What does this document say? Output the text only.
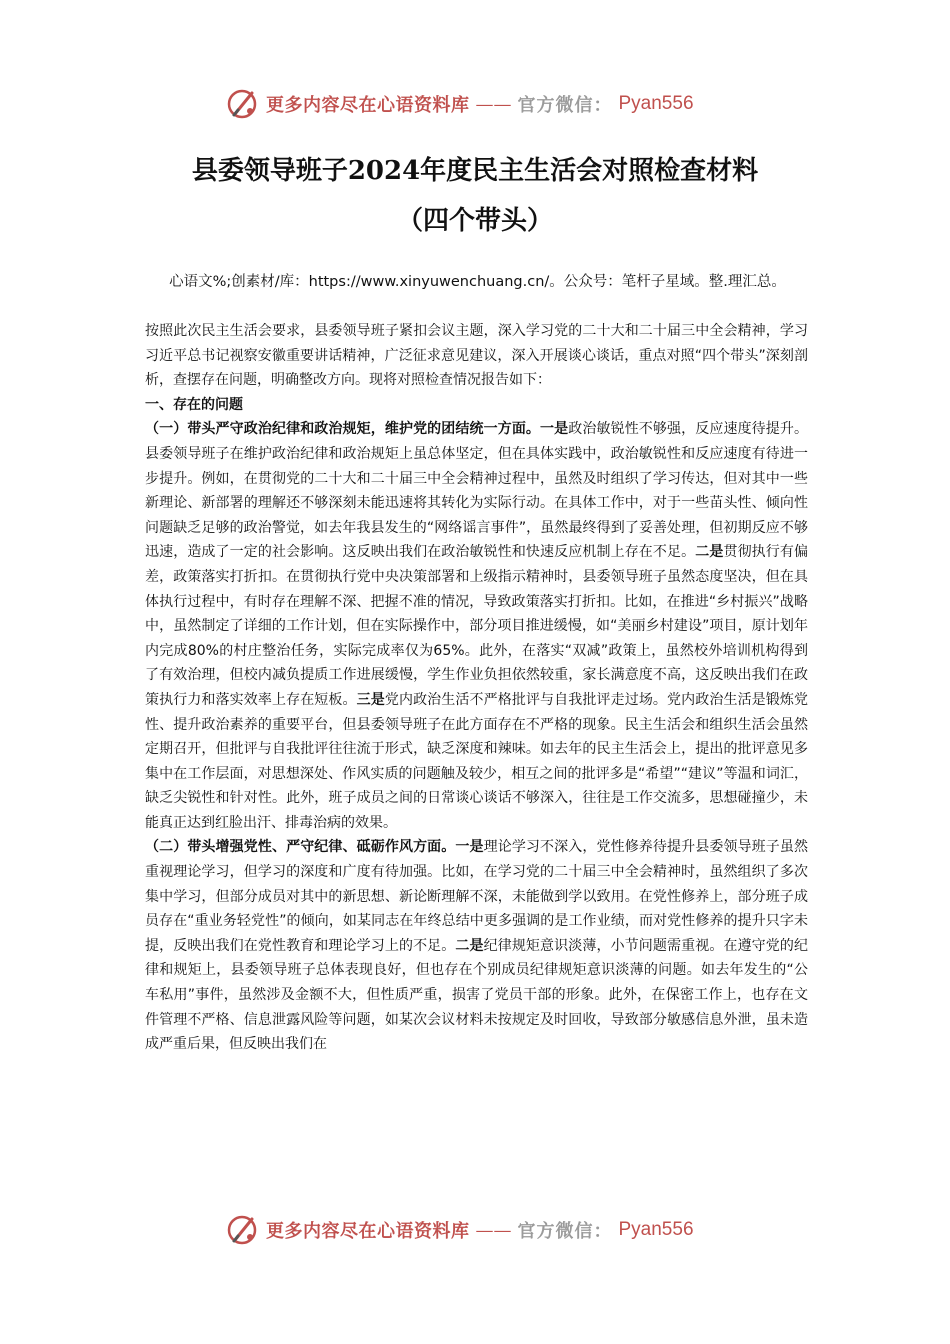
更多内容尽在心语资料库 —— 官方微信： Pyan556
县委领导班子2024年度民主生活会对照检查材料
（四个带头）
心语文%;创素材/库：https://www.xinyuwenchuang.cn/。公众号：笔杆子星域。整.理汇总。

按照此次民主生活会要求，县委领导班子紧扣会议主题，深入学习党的二十大和二十届三中全会精神，学习习近平总书记视察安徽重要讲话精神，广泛征求意见建议，深入开展谈心谈话，重点对照“四个带头”深刻剖析，查摆存在问题，明确整改方向。现将对照检查情况报告如下：

一、存在的问题

（一）带头严守政治纪律和政治规矩，维护党的团结统一方面。一是政治敏锐性不够强，反应速度待提升。县委领导班子在维护政治纪律和政治规矩上虽总体坚定，但在具体实践中，政治敏锐性和反应速度有待进一步提升。例如，在贯彻党的二十大和二十届三中全会精神过程中，虽然及时组织了学习传达，但对其中一些新理论、新部署的理解还不够深刻未能迅速将其转化为实际行动。在具体工作中，对于一些苗头性、倾向性问题缺乏足够的政治警觉，如去年我县发生的“网络谣言事件”，虽然最终得到了妥善处理，但初期反应不够迅速，造成了一定的社会影响。这反映出我们在政治敏锐性和快速反应机制上存在不足。二是贯彻执行有偏差，政策落实打折扣。在贯彻执行党中央决策部署和上级指示精神时，县委领导班子虽然态度坚决，但在具体执行过程中，有时存在理解不深、把握不准的情况，导致政策落实打折扣。比如，在推进“乡村振兴”战略中，虽然制定了详细的工作计划，但在实际操作中，部分项目推进缓慢，如“美丽乡村建设”项目，原计划年内完成80%的村庄整治任务，实际完成率仅为65%。此外，在落实“双减”政策上，虽然校外培训机构得到了有效治理，但校内减负提质工作进展缓慢，学生作业负担依然较重，家长满意度不高，这反映出我们在政策执行力和落实效率上存在短板。三是党内政治生活不严格批评与自我批评走过场。党内政治生活是锻炼党性、提升政治素养的重要平台，但县委领导班子在此方面存在不严格的现象。民主生活会和组织生活会虽然定期召开，但批评与自我批评往往流于形式，缺乏深度和辣味。如去年的民主生活会上，提出的批评意见多集中在工作层面，对思想深处、作风实质的问题触及较少，相互之间的批评多是“希望”“建议”等温和词汇，缺乏尖锐性和针对性。此外，班子成员之间的日常谈心谈话不够深入，往往是工作交流多，思想碰撞少，未能真正达到红脸出汗、排毒治病的效果。

（二）带头增强党性、严守纪律、砥砺作风方面。一是理论学习不深入，党性修养待提升县委领导班子虽然重视理论学习，但学习的深度和广度有待加强。比如，在学习党的二十届三中全会精神时，虽然组织了多次集中学习，但部分成员对其中的新思想、新论断理解不深，未能做到学以致用。在党性修养上，部分班子成员存在“重业务轻党性”的倾向，如某同志在年终总结中更多强调的是工作业绩，而对党性修养的提升只字未提，反映出我们在党性教育和理论学习上的不足。二是纪律规矩意识淡薄，小节问题需重视。在遵守党的纪律和规矩上，县委领导班子总体表现良好，但也存在个别成员纪律规矩意识淡薄的问题。如去年发生的“公车私用”事件，虽然涉及金额不大，但性质严重，损害了党员干部的形象。此外，在保密工作上，也存在文件管理不严格、信息泄露风险等问题，如某次会议材料未按规定及时回收，导致部分敏感信息外泄，虽未造成严重后果，但反映出我们在

更多内容尽在心语资料库 —— 官方微信： Pyan556
